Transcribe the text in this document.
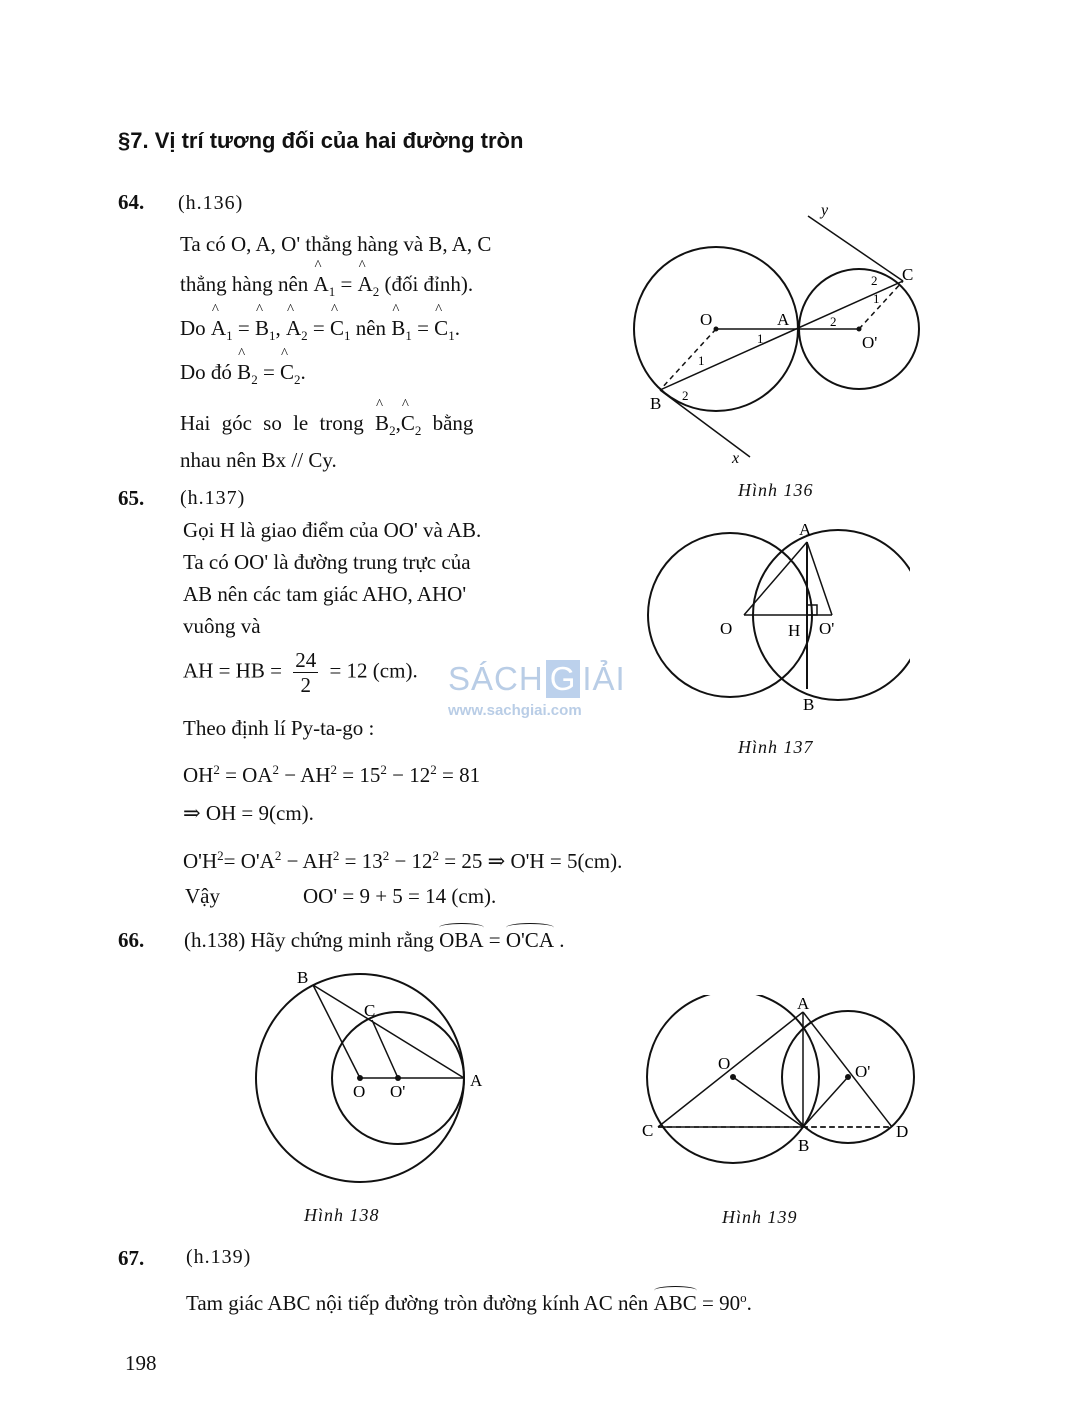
§7. Vị trí tương đối của hai đường tròn
64. (h.136)
Ta có O, A, O' thẳng hàng và B, A, C
thẳng hàng nên ^ $A_1$ = ^ $A_2$ (đối đỉnh).
Do ^ $A_1$ = ^ $B_1$, ^ $A_2$ = ^ $C_1$ nên ^ $B_1$ = ^ $C_1$.
Do đó ^ $B_2$ = ^ $C_2$.
Hai góc so le trong ^ $B_2,\^{}$ $C_2$ bằng
nhau nên Bx // Cy.
O	A
O'
B
C
x
y
1
2
1
2
1
2
Hình 136
65. (h.137)
Gọi H là giao điểm của OO' và AB.
Ta có OO' là đường trung trực của
AB nên các tam giác AHO, AHO'
vuông và
AH = HB = $\frac{24}{2} = 12$ (cm).
Theo định lí Py-ta-go :
$OH^2 = OA^2 - AH^2 = 15^2 - 12^2 = 81$
⇒ OH = 9(cm).
$O'H^2= O'A^2 - AH^2 = 13^2 - 12^2 = 25$ ⇒ O'H = 5(cm).
Vậy	OO' = 9 + 5 = 14 (cm).
A
O	H O'
B
Hình 137
SÁCH G IẢI
www.sachgiai.com
66. (h.138) Hãy chứng minh rằng OBA = O'CA .
B
C
O O'
A
Hình 138
A
O	O'
C
B
D
Hình 139
67. (h.139)
Tam giác ABC nội tiếp đường tròn đường kính AC nên ABC = $90^o$.
198
